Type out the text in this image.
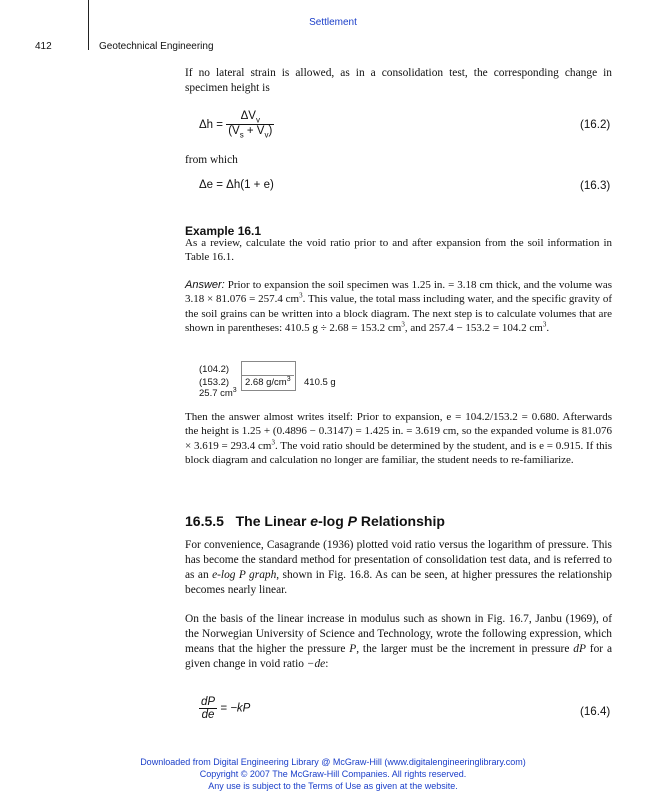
Settlement
412	Geotechnical Engineering
If no lateral strain is allowed, as in a consolidation test, the corresponding change in specimen height is
$\Delta h = \frac{\Delta V_v}{(V_s + V_v)}$	(16.2)
from which
Δe = Δh(1 + e)	(16.3)
Example 16.1
As a review, calculate the void ratio prior to and after expansion from the soil information in Table 16.1.
Answer: Prior to expansion the soil specimen was 1.25 in. = 3.18 cm thick, and the volume was 3.18 × 81.076 = 257.4 $cm^3$. This value, the total mass including water, and the specific gravity of the soil grains can be written into a block diagram. The next step is to calculate volumes that are shown in parentheses: 410.5 g ÷ 2.68 = 153.2 $cm^3$, and 257.4 − 153.2 = 104.2 $cm^3$.
(104.2)
(153.2) 2.68 $g/cm^3$ 410.5 g
25.7 $cm^3$
Then the answer almost writes itself: Prior to expansion, e = 104.2/153.2 = 0.680. Afterwards the height is 1.25 + (0.4896 − 0.3147) = 1.425 in. = 3.619 cm, so the expanded volume is 81.076 × 3.619 = 293.4 $cm^3$. The void ratio should be determined by the student, and is e = 0.915. If this block diagram and calculation no longer are familiar, the student needs to re-familiarize.
16.5.5 The Linear e-log P Relationship
For convenience, Casagrande (1936) plotted void ratio versus the logarithm of pressure. This has become the standard method for presentation of consolidation test data, and is referred to as an e-log P graph, shown in Fig. 16.8. As can be seen, at higher pressures the relationship becomes nearly linear.
On the basis of the linear increase in modulus such as shown in Fig. 16.7, Janbu (1969), of the Norwegian University of Science and Technology, wrote the following expression, which means that the higher the pressure P, the larger must be the increment in pressure dP for a given change in void ratio −de:
$\frac{dP}{de} = -kP$	(16.4)
Downloaded from Digital Engineering Library @ McGraw-Hill (www.digitalengineeringlibrary.com)
Copyright © 2007 The McGraw-Hill Companies. All rights reserved.
Any use is subject to the Terms of Use as given at the website.
